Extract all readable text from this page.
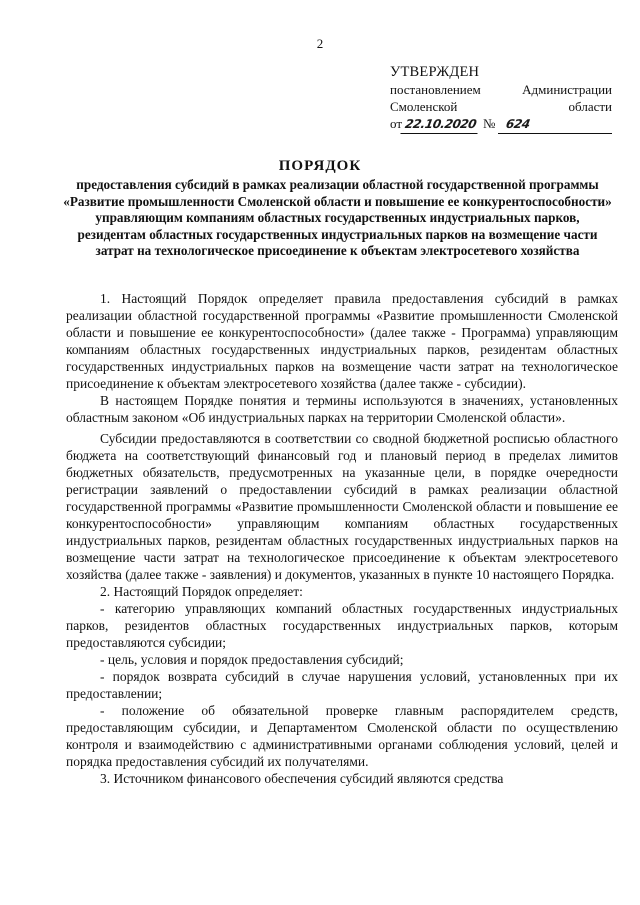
2
УТВЕРЖДЕН
постановлением Администрации
Смоленской                   области
от 22.10.2020 № 624
ПОРЯДОК
предоставления субсидий в рамках реализации областной государственной программы «Развитие промышленности Смоленской области и повышение ее конкурентоспособности» управляющим компаниям областных государственных индустриальных парков, резидентам областных государственных индустриальных парков на возмещение части затрат на технологическое присоединение к объектам электросетевого хозяйства

1. Настоящий Порядок определяет правила предоставления субсидий в рамках реализации областной государственной программы «Развитие промышленности Смоленской области и повышение ее конкурентоспособности» (далее также - Программа) управляющим компаниям областных государственных индустриальных парков, резидентам областных государственных индустриальных парков на возмещение части затрат на технологическое присоединение к объектам электросетевого хозяйства (далее также - субсидии).

В настоящем Порядке понятия и термины используются в значениях, установленных областным законом «Об индустриальных парках на территории Смоленской области».

Субсидии предоставляются в соответствии со сводной бюджетной росписью областного бюджета на соответствующий финансовый год и плановый период в пределах лимитов бюджетных обязательств, предусмотренных на указанные цели, в порядке очередности регистрации заявлений о предоставлении субсидий в рамках реализации областной государственной программы «Развитие промышленности Смоленской области и повышение ее конкурентоспособности» управляющим компаниям областных государственных индустриальных парков, резидентам областных государственных индустриальных парков на возмещение части затрат на технологическое присоединение к объектам электросетевого хозяйства (далее также - заявления) и документов, указанных в пункте 10 настоящего Порядка.

2. Настоящий Порядок определяет:

- категорию управляющих компаний областных государственных индустриальных парков, резидентов областных государственных индустриальных парков, которым предоставляются субсидии;

- цель, условия и порядок предоставления субсидий;

- порядок возврата субсидий в случае нарушения условий, установленных при их предоставлении;

- положение об обязательной проверке главным распорядителем средств, предоставляющим субсидии, и Департаментом Смоленской области по осуществлению контроля и взаимодействию с административными органами соблюдения условий, целей и порядка предоставления субсидий их получателями.

3. Источником финансового обеспечения субсидий являются средства
